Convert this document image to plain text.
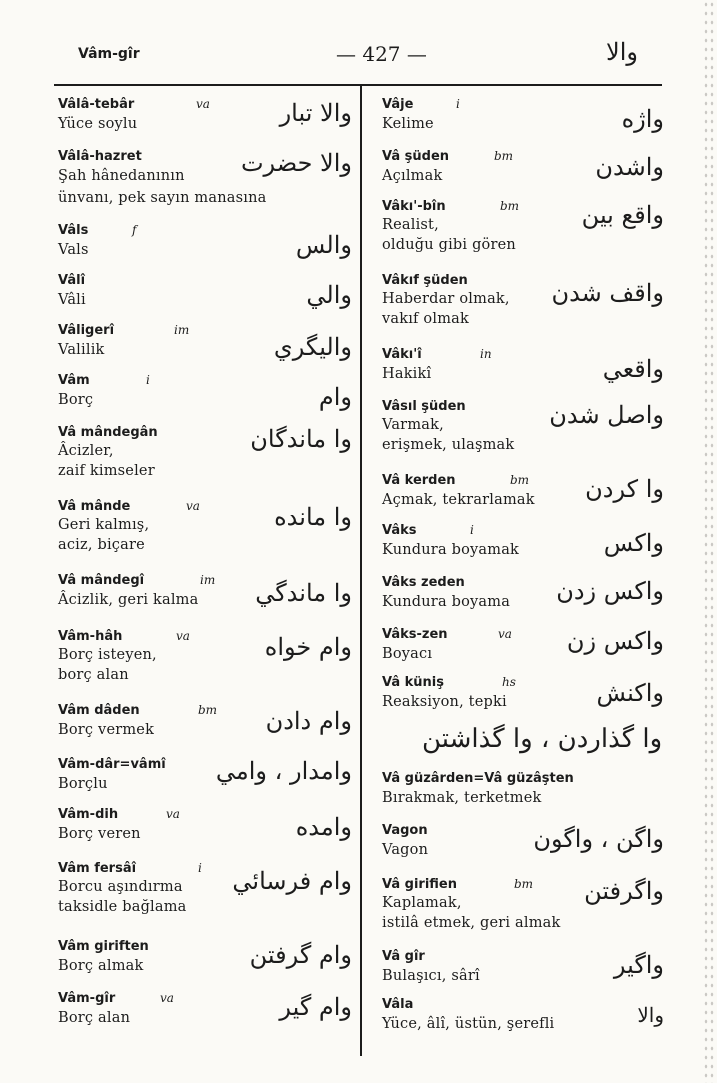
Vâm-gîr	— 427 —	والا
Vâlâ-tebâr	va
Yüce soylu	والا تبار
Vâlâ-hazret
Şah hânedanının
ünvanı, pek sayın manasına
والا حضرت
Vâls	f
Vals	والس
Vâlî
Vâli	والي
Vâligerî	im
Valilik	واليگري
Vâm	i
Borç	وام
Vâ mândegân
Âcizler,
zaif kimseler
وا ماندگان
Vâ mânde	va
Geri kalmış,
aciz, biçare
وا مانده
Vâ mândegî	im
Âcizlik, geri kalma	وا ماندگي
Vâm-hâh	va
Borç isteyen,
borç alan
وام خواه
Vâm dâden	bm
Borç vermek	وام دادن
Vâm-dâr=vâmî
Borçlu	وامدار ، وامي
Vâm-dih	va
Borç veren	وامده
Vâm fersâî	i
Borcu aşındırma
taksidle bağlama
وام فرسائي
Vâm giriften
Borç almak	وام گرفتن
Vâm-gîr	va
Borç alan	وام گير
Vâje	i
Kelime	واژه
Vâ şüden	bm
Açılmak	واشدن
Vâkı'-bîn	bm
Realist,
olduğu gibi gören
واقع بين
Vâkıf şüden
Haberdar olmak,
vakıf olmak
واقف شدن
Vâkı'î	in
Hakikî	واقعي
Vâsıl şüden
Varmak,
erişmek, ulaşmak
واصل شدن
Vâ kerden	bm
Açmak, tekrarlamak	وا كردن
Vâks	i
Kundura boyamak	واكس
Vâks zeden
Kundura boyama	واكس زدن
Vâks-zen	va
Boyacı	واكس زن
Vâ küniş	hs
Reaksiyon, tepki	واكنش
وا گذاردن ، وا گذاشتن
Vâ güzârden=Vâ güzâşten
Bırakmak, terketmek
Vagon
Vagon	واگن ، واگون
Vâ girifien	bm
Kaplamak,
istilâ etmek, geri almak
واگرفتن
Vâ gîr
Bulaşıcı, sârî	واگير
Vâla
Yüce, âlî, üstün, şerefli	والا
